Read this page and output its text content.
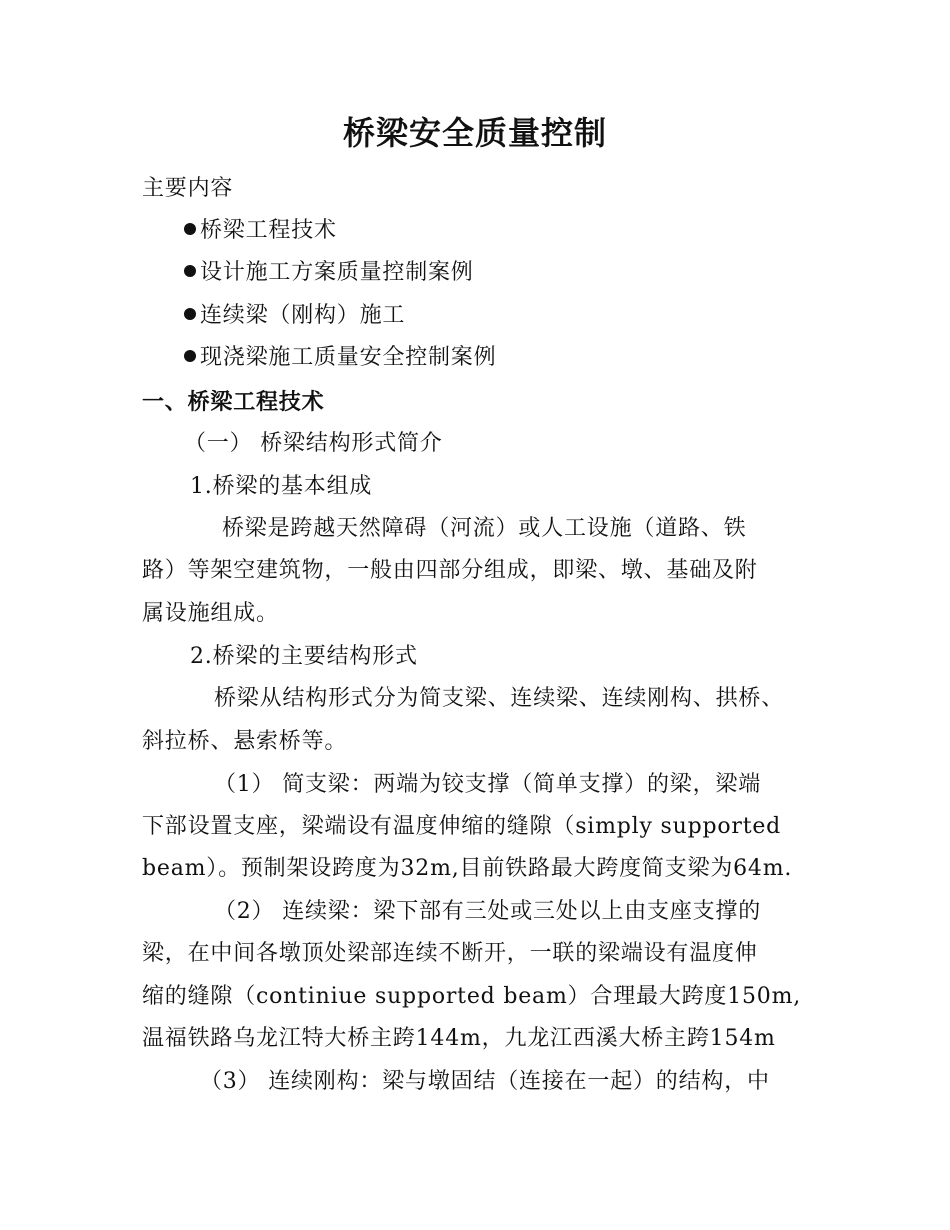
桥梁安全质量控制
主要内容
桥梁工程技术
设计施工方案质量控制案例
连续梁（刚构）施工
现浇梁施工质量安全控制案例
一、桥梁工程技术
（一） 桥梁结构形式简介
1.桥梁的基本组成
桥梁是跨越天然障碍（河流）或人工设施（道路、铁
路）等架空建筑物，一般由四部分组成，即梁、墩、基础及附
属设施组成。
2.桥梁的主要结构形式
桥梁从结构形式分为简支梁、连续梁、连续刚构、拱桥、
斜拉桥、悬索桥等。
（1） 简支梁：两端为铰支撑（简单支撑）的梁，梁端
下部设置支座，梁端设有温度伸缩的缝隙（simply supported
beam）。预制架设跨度为32m,目前铁路最大跨度简支梁为64m.
（2） 连续梁：梁下部有三处或三处以上由支座支撑的
梁，在中间各墩顶处梁部连续不断开，一联的梁端设有温度伸
缩的缝隙（continiue supported beam）合理最大跨度150m,
温福铁路乌龙江特大桥主跨144m，九龙江西溪大桥主跨154m
（3） 连续刚构：梁与墩固结（连接在一起）的结构，中
